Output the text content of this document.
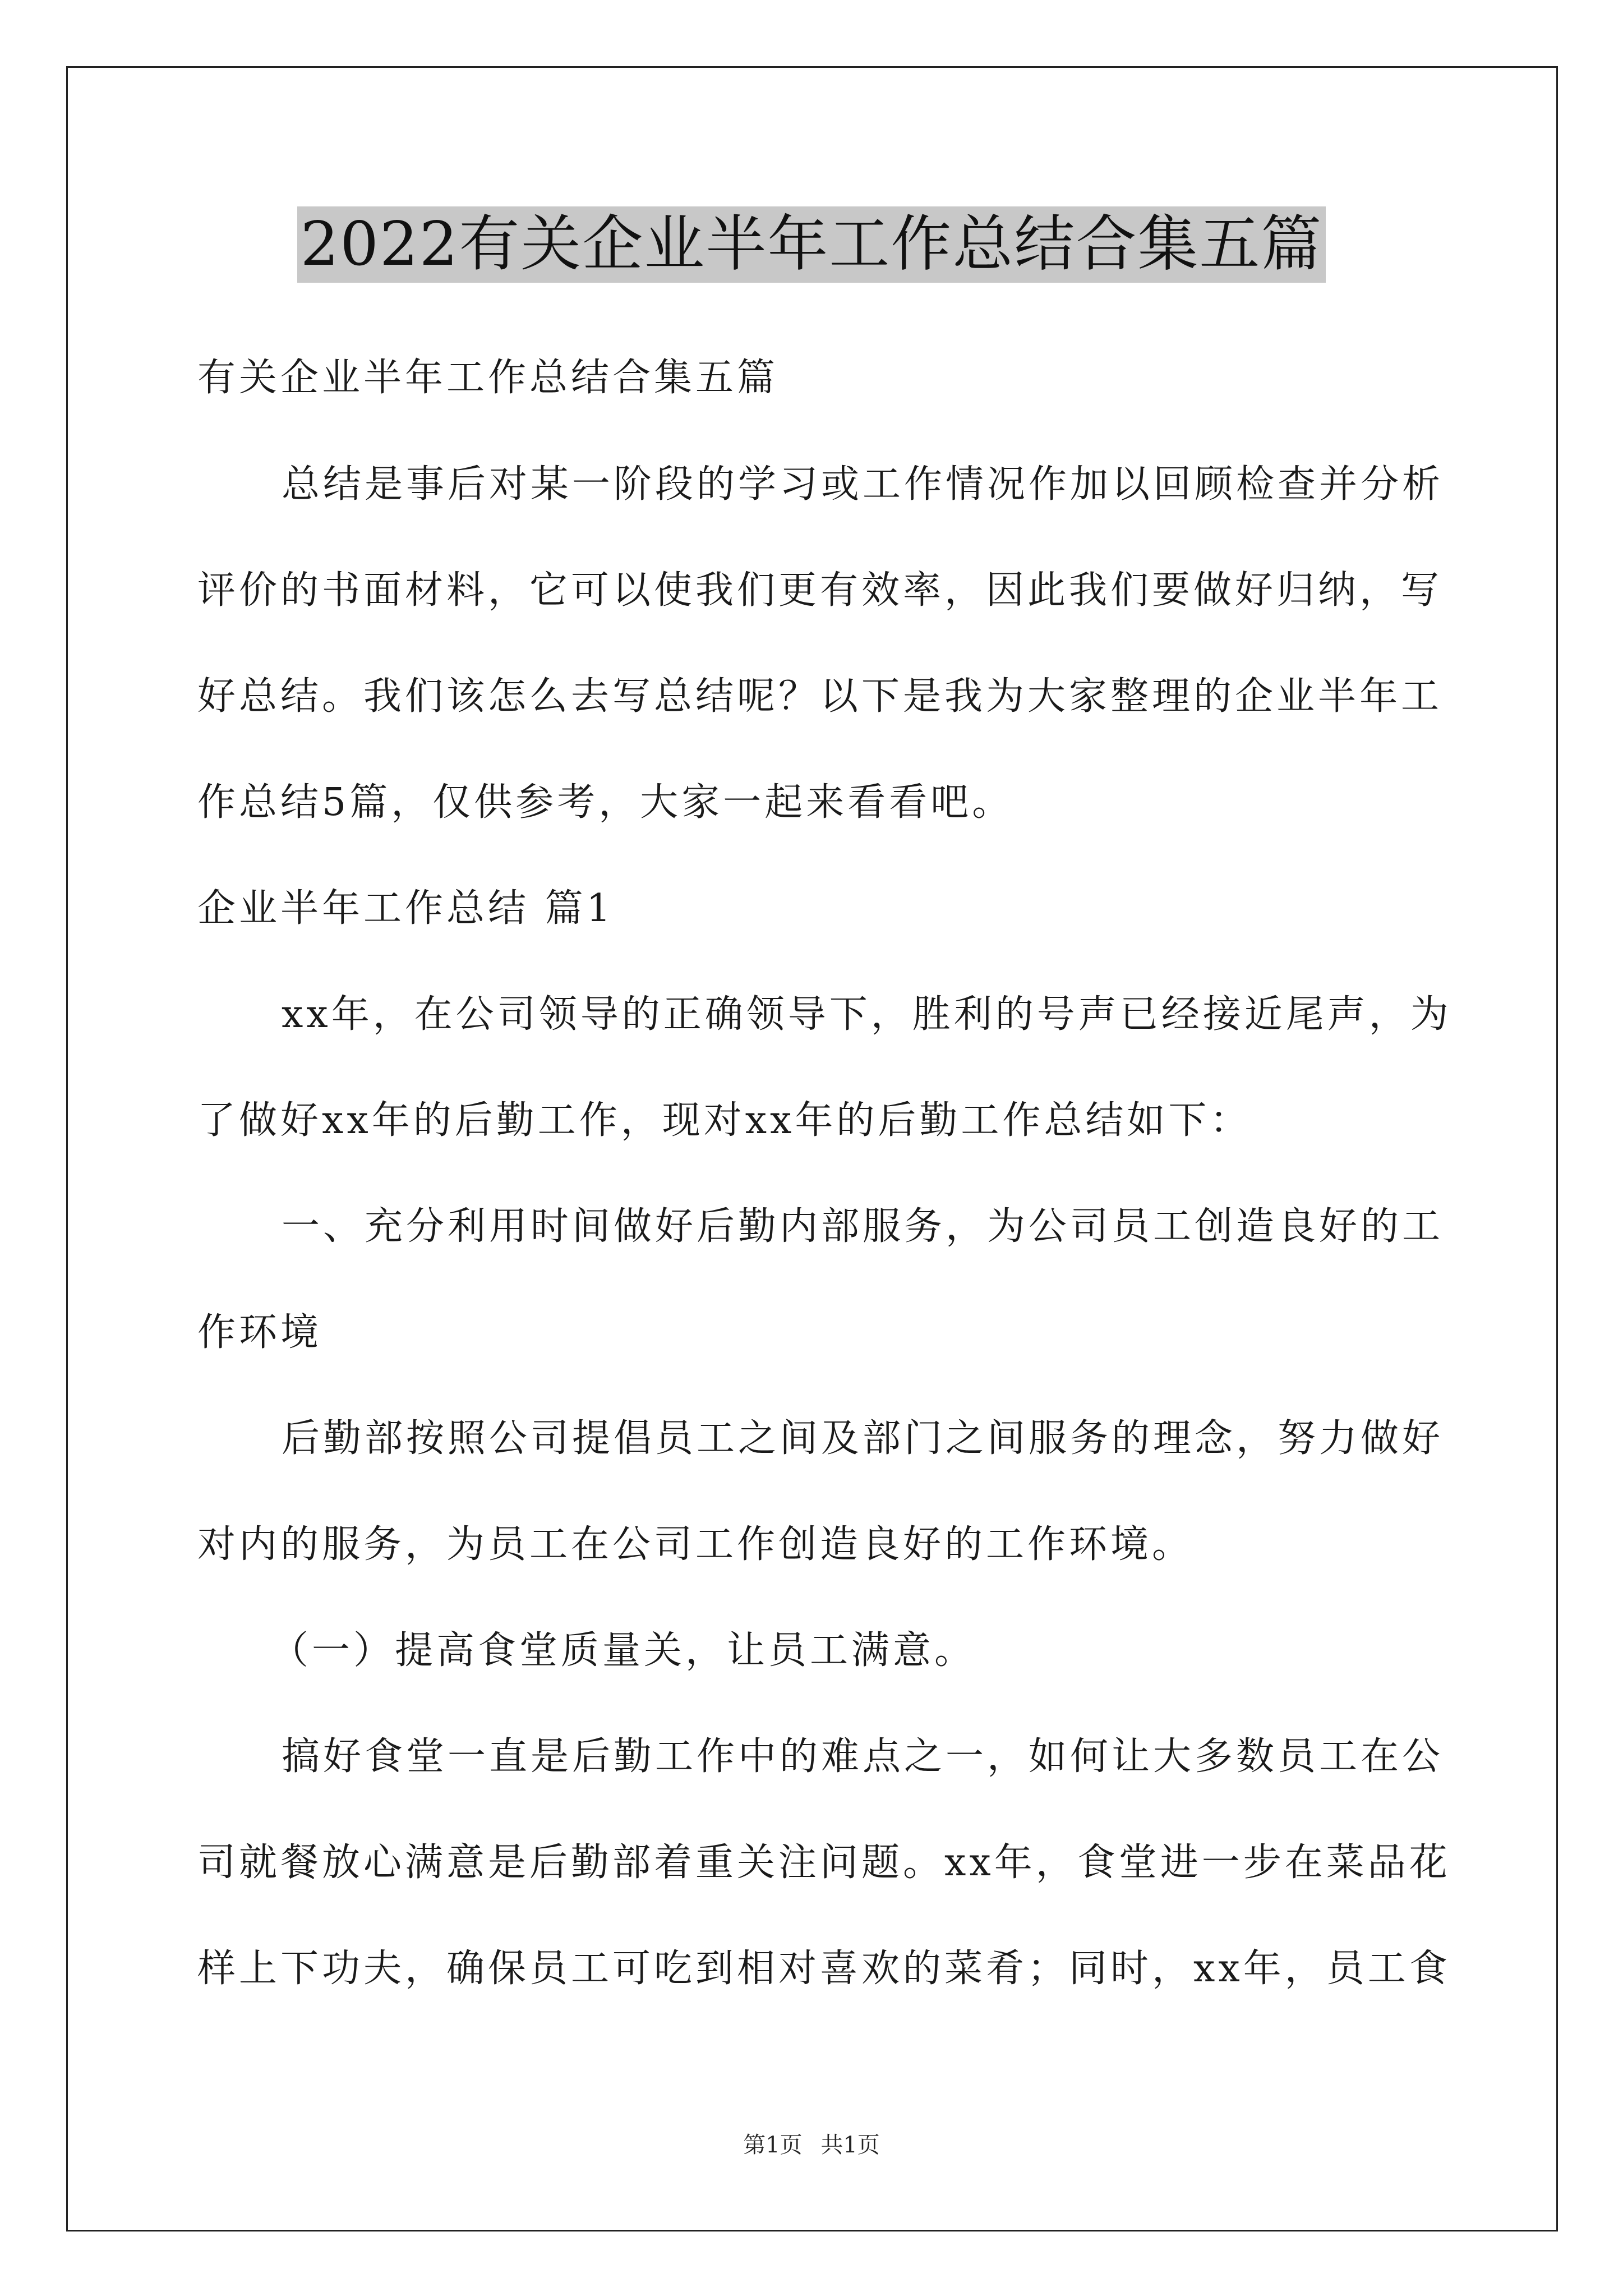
2022有关企业半年工作总结合集五篇
有关企业半年工作总结合集五篇
总结是事后对某一阶段的学习或工作情况作加以回顾检查并分析
评价的书面材料，它可以使我们更有效率，因此我们要做好归纳，写
好总结。我们该怎么去写总结呢？以下是我为大家整理的企业半年工
作总结5篇，仅供参考，大家一起来看看吧。
企业半年工作总结 篇1
xx年，在公司领导的正确领导下，胜利的号声已经接近尾声，为
了做好xx年的后勤工作，现对xx年的后勤工作总结如下：
一、充分利用时间做好后勤内部服务，为公司员工创造良好的工
作环境
后勤部按照公司提倡员工之间及部门之间服务的理念，努力做好
对内的服务，为员工在公司工作创造良好的工作环境。
（一）提高食堂质量关，让员工满意。
搞好食堂一直是后勤工作中的难点之一，如何让大多数员工在公
司就餐放心满意是后勤部着重关注问题。xx年，食堂进一步在菜品花
样上下功夫，确保员工可吃到相对喜欢的菜肴；同时，xx年，员工食
第1页 共1页
